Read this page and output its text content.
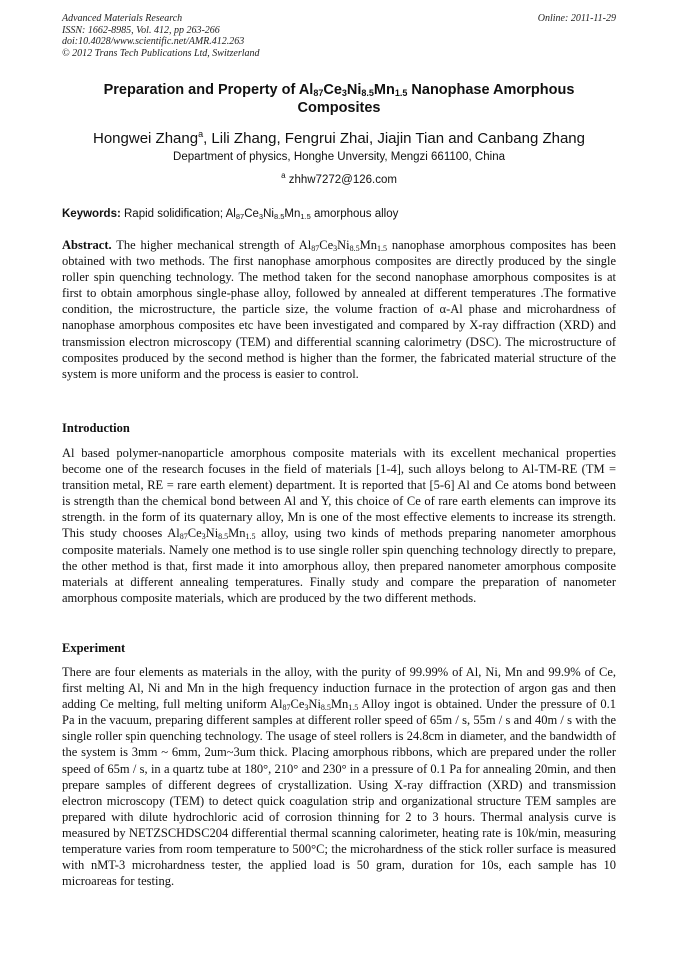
Advanced Materials Research
ISSN: 1662-8985, Vol. 412, pp 263-266
doi:10.4028/www.scientific.net/AMR.412.263
© 2012 Trans Tech Publications Ltd, Switzerland
Online: 2011-11-29
Preparation and Property of $Al_{87}Ce_3Ni_{8.5}Mn_{1.5}$ Nanophase Amorphous
Composites
Hongwei Zhang$^a$, Lili Zhang, Fengrui Zhai, Jiajin Tian and Canbang Zhang
Department of physics, Honghe Unversity, Mengzi 661100, China
$^a$ zhhw7272@126.com
Keywords: Rapid solidification; $Al_{87}Ce_3Ni_{8.5}Mn_{1.5}$ amorphous alloy
Abstract. The higher mechanical strength of $Al_{87}Ce_3Ni_{8.5}Mn_{1.5}$ nanophase amorphous composites has been obtained with two methods. The first nanophase amorphous composites are directly produced by the single roller spin quenching technology. The method taken for the second nanophase amorphous composites is at first to obtain amorphous single-phase alloy, followed by annealed at different temperatures .The formative condition, the microstructure, the particle size, the volume fraction of α-Al phase and microhardness of nanophase amorphous composites etc have been investigated and compared by X-ray diffraction (XRD) and transmission electron microscopy (TEM) and differential scanning calorimetry (DSC). The microstructure of composites produced by the second method is higher than the former, the fabricated material structure of the system is more uniform and the process is easier to control.
Introduction
Al based polymer-nanoparticle amorphous composite materials with its excellent mechanical properties become one of the research focuses in the field of materials [1-4], such alloys belong to Al-TM-RE (TM = transition metal, RE = rare earth element) department. It is reported that [5-6] Al and Ce atoms bond between is strength than the chemical bond between Al and Y, this choice of Ce of rare earth elements can improve its strength. in the form of its quaternary alloy, Mn is one of the most effective elements to increase its strength. This study chooses $Al_{87}Ce_3Ni_{8.5}Mn_{1.5}$ alloy, using two kinds of methods preparing nanometer amorphous composite materials. Namely one method is to use single roller spin quenching technology directly to prepare, the other method is that, first made it into amorphous alloy, then prepared nanometer amorphous composite materials at different annealing temperatures. Finally study and compare the preparation of nanometer amorphous composite materials, which are produced by the two different methods.
Experiment
There are four elements as materials in the alloy, with the purity of 99.99% of Al, Ni, Mn and 99.9% of Ce, first melting Al, Ni and Mn in the high frequency induction furnace in the protection of argon gas and then adding Ce melting, full melting uniform $Al_{87}Ce_3Ni_{8.5}Mn_{1.5}$ Alloy ingot is obtained. Under the pressure of 0.1 Pa in the vacuum, preparing different samples at different roller speed of 65m / s, 55m / s and 40m / s with the single roller spin quenching technology. The usage of steel rollers is 24.8cm in diameter, and the bandwidth of the system is 3mm ~ 6mm, 2um~3um thick. Placing amorphous ribbons, which are prepared under the roller speed of 65m / s, in a quartz tube at 180°, 210° and 230° in a pressure of 0.1 Pa for annealing 20min, and then prepare samples of different degrees of crystallization. Using X-ray diffraction (XRD) and transmission electron microscopy (TEM) to detect quick coagulation strip and organizational structure TEM samples are prepared with dilute hydrochloric acid of corrosion thinning for 2 to 3 hours. Thermal analysis curve is measured by NETZSCHDSC204 differential thermal scanning calorimeter, heating rate is 10k/min, measuring temperature varies from room temperature to 500°C; the microhardness of the stick roller surface is measured with nMT-3 microhardness tester, the applied load is 50 gram, duration for 10s, each sample has 10 microareas for testing.
